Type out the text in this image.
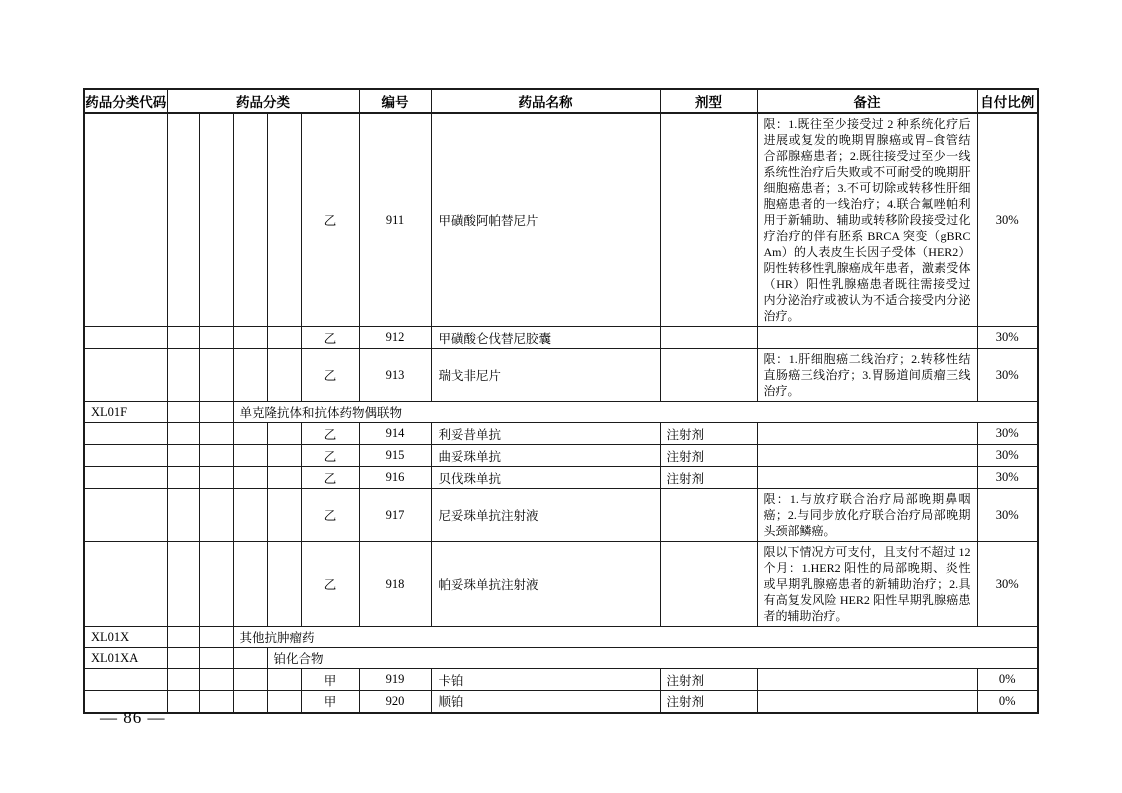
药品分类代码	药品分类					编号	药品名称	剂型	备注	自付比例
					乙	911	甲磺酸阿帕替尼片		限：1.既往至少接受过 2 种系统化疗后进展或复发的晚期胃腺癌或胃–食管结合部腺癌患者；2.既往接受过至少一线系统性治疗后失败或不可耐受的晚期肝细胞癌患者；3.不可切除或转移性肝细胞癌患者的一线治疗；4.联合氟唑帕利用于新辅助、辅助或转移阶段接受过化疗治疗的伴有胚系 BRCA 突变（gBRCAm）的人表皮生长因子受体（HER2）阴性转移性乳腺癌成年患者，激素受体（HR）阳性乳腺癌患者既往需接受过内分泌治疗或被认为不适合接受内分泌治疗。	30%
					乙	912	甲磺酸仑伐替尼胶囊			30%
					乙	913	瑞戈非尼片		限：1.肝细胞癌二线治疗；2.转移性结直肠癌三线治疗；3.胃肠道间质瘤三线治疗。	30%
XL01F			单克隆抗体和抗体药物偶联物							
					乙	914	利妥昔单抗	注射剂		30%
					乙	915	曲妥珠单抗	注射剂		30%
					乙	916	贝伐珠单抗	注射剂		30%
					乙	917	尼妥珠单抗注射液		限：1.与放疗联合治疗局部晚期鼻咽癌；2.与同步放化疗联合治疗局部晚期头颈部鳞癌。	30%
					乙	918	帕妥珠单抗注射液		限以下情况方可支付，且支付不超过 12 个月：1.HER2 阳性的局部晚期、炎性或早期乳腺癌患者的新辅助治疗；2.具有高复发风险 HER2 阳性早期乳腺癌患者的辅助治疗。	30%
XL01X			其他抗肿瘤药							
XL01XA				铂化合物						
					甲	919	卡铂	注射剂		0%
					甲	920	顺铂	注射剂		0%
— 86 —
